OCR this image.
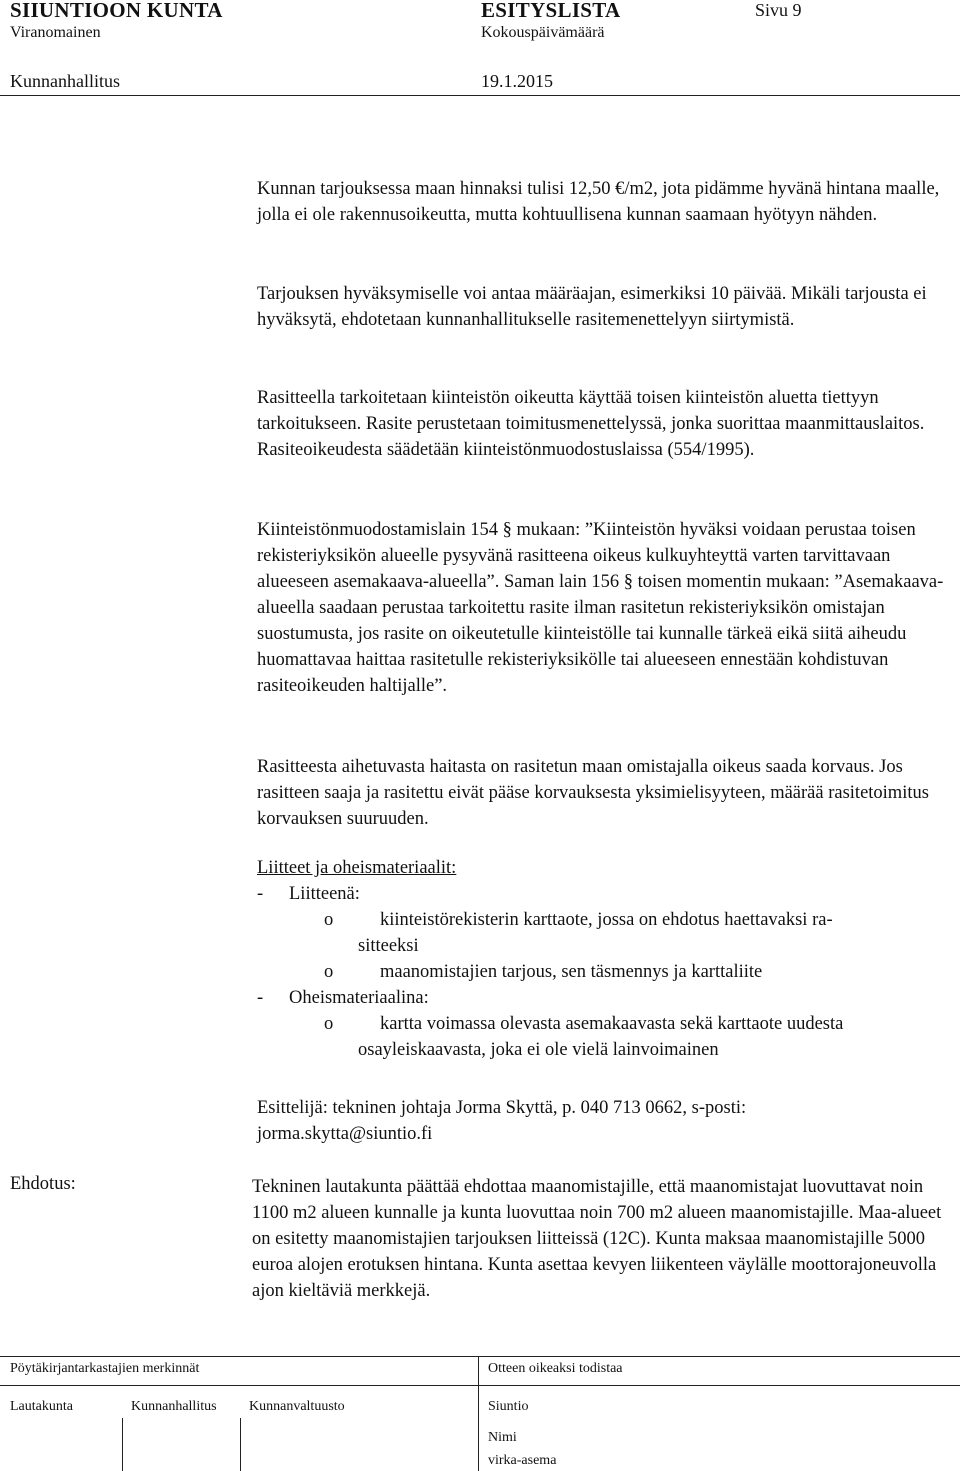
SIIUNTIOON KUNTA	ESITYSLISTA	Sivu 9
Viranomainen	Kokouspäivämäärä
Kunnanhallitus	19.1.2015

Kunnan tarjouksessa maan hinnaksi tulisi 12,50 €/m2, jota pidämme hyvänä hintana maalle, jolla ei ole rakennusoikeutta, mutta kohtuullisena kunnan saamaan hyötyyn nähden.

Tarjouksen hyväksymiselle voi antaa määräajan, esimerkiksi 10 päivää. Mikäli tarjousta ei hyväksytä, ehdotetaan kunnanhallitukselle rasitemenettelyyn siirtymistä.

Rasitteella tarkoitetaan kiinteistön oikeutta käyttää toisen kiinteistön aluetta tiettyyn tarkoitukseen. Rasite perustetaan toimitusmenettelyssä, jonka suorittaa maanmittauslaitos. Rasiteoikeudesta säädetään kiinteistönmuodostuslaissa (554/1995).

Kiinteistönmuodostamislain 154 § mukaan: ”Kiinteistön hyväksi voidaan perustaa toisen rekisteriyksikön alueelle pysyvänä rasitteena oikeus kulkuyhteyttä varten tarvittavaan alueeseen asemakaava-alueella”. Saman lain 156 § toisen momentin mukaan: ”Asemakaava-alueella saadaan perustaa tarkoitettu rasite ilman rasitetun rekisteriyksikön omistajan suostumusta, jos rasite on oikeutetulle kiinteistölle tai kunnalle tärkeä eikä siitä aiheudu huomattavaa haittaa rasitetulle rekisteriyksikölle tai alueeseen ennestään kohdistuvan rasiteoikeuden haltijalle”.

Rasitteesta aihetuvasta haitasta on rasitetun maan omistajalla oikeus saada korvaus. Jos rasitteen saaja ja rasitettu eivät pääse korvauksesta yksimielisyyteen, määrää rasitetoimitus korvauksen suuruuden.

Liitteet ja oheismateriaalit:
- Liitteenä:
o	kiinteistörekisterin karttaote, jossa on ehdotus haettavaksi ra-
sitteeksi
o	maanomistajien tarjous, sen täsmennys ja karttaliite
- Oheismateriaalina:
o	kartta voimassa olevasta asemakaavasta sekä karttaote uudesta
osayleiskaavasta, joka ei ole vielä lainvoimainen

Esittelijä: tekninen johtaja Jorma Skyttä, p. 040 713 0662, s-posti: jorma.skytta@siuntio.fi

Ehdotus:	Tekninen lautakunta päättää ehdottaa maanomistajille, että maanomistajat luovuttavat noin 1100 m2 alueen kunnalle ja kunta luovuttaa noin 700 m2 alueen maanomistajille. Maa-alueet on esitetty maanomistajien tarjouksen liitteissä (12C). Kunta maksaa maanomistajille 5000 euroa alojen erotuksen hintana. Kunta asettaa kevyen liikenteen väylälle moottorajoneuvolla ajon kieltäviä merkkejä.

Pöytäkirjantarkastajien merkinnät	Otteen oikeaksi todistaa
Lautakunta	Kunnanhallitus Kunnanvaltuusto	Siuntio
Nimi
virka-asema
